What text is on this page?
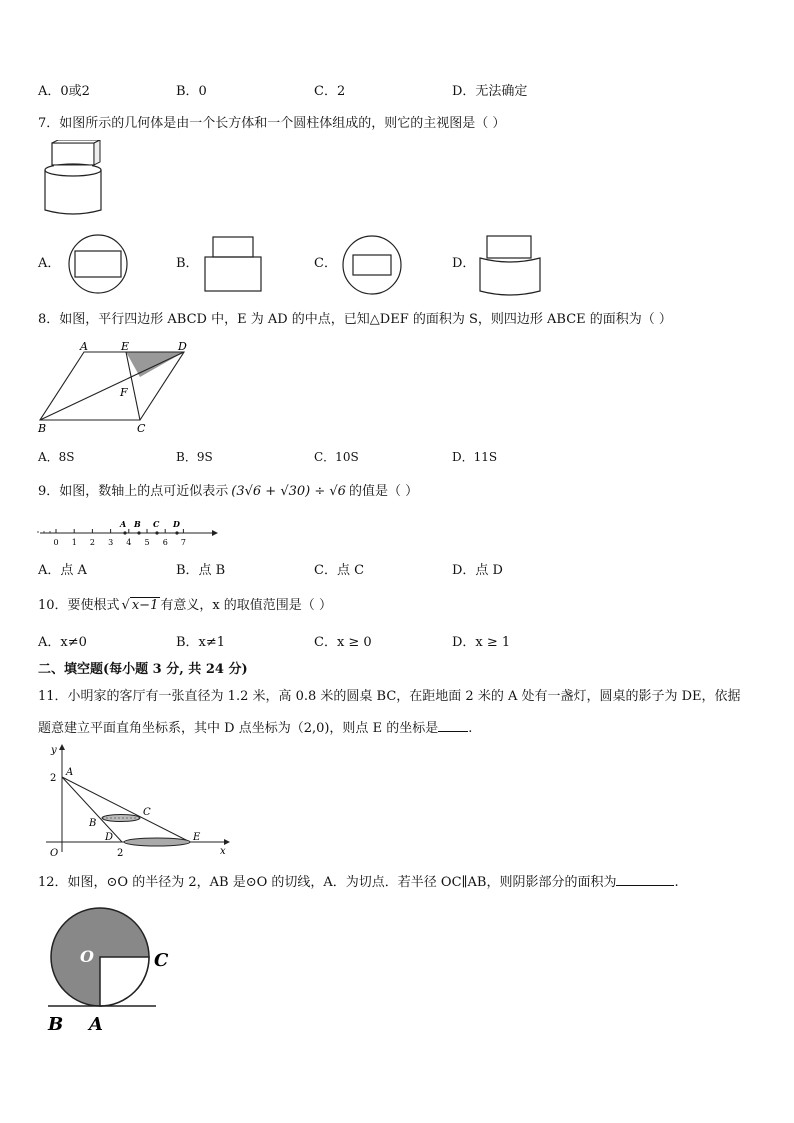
A．0或2	B．0	C．2	D．无法确定
7．如图所示的几何体是由一个长方体和一个圆柱体组成的，则它的主视图是（ ）
A．	B．	C．	D．
8．如图，平行四边形 ABCD 中，E 为 AD 的中点，已知△DEF 的面积为 S，则四边形 ABCE 的面积为（ ）
A	E	D
F
B	C
A．8S	B．9S	C．10S	D．11S
9．如图，数轴上的点可近似表示 (3√6 + √30) ÷ √6 的值是（ ）
0 1 2 3 4 5 6 7
A B C D
A．点 A	B．点 B	C．点 C	D．点 D
10．要使根式 √ x−1 有意义，x 的取值范围是（ ）
A．x≠0	B．x≠1	C．x ≥ 0	D．x ≥ 1
二、填空题(每小题 3 分, 共 24 分)
11．小明家的客厅有一张直径为 1.2 米，高 0.8 米的圆桌 BC，在距地面 2 米的 A 处有一盏灯，圆桌的影子为 DE，依据
题意建立平面直角坐标系，其中 D 点坐标为（2,0)，则点 E 的坐标是 .
y
2
A
C
B
D	E
O	2	x
12．如图，⊙O 的半径为 2，AB 是⊙O 的切线，A．为切点．若半径 OC∥AB，则阴影部分的面积为	.
O	C
B A
